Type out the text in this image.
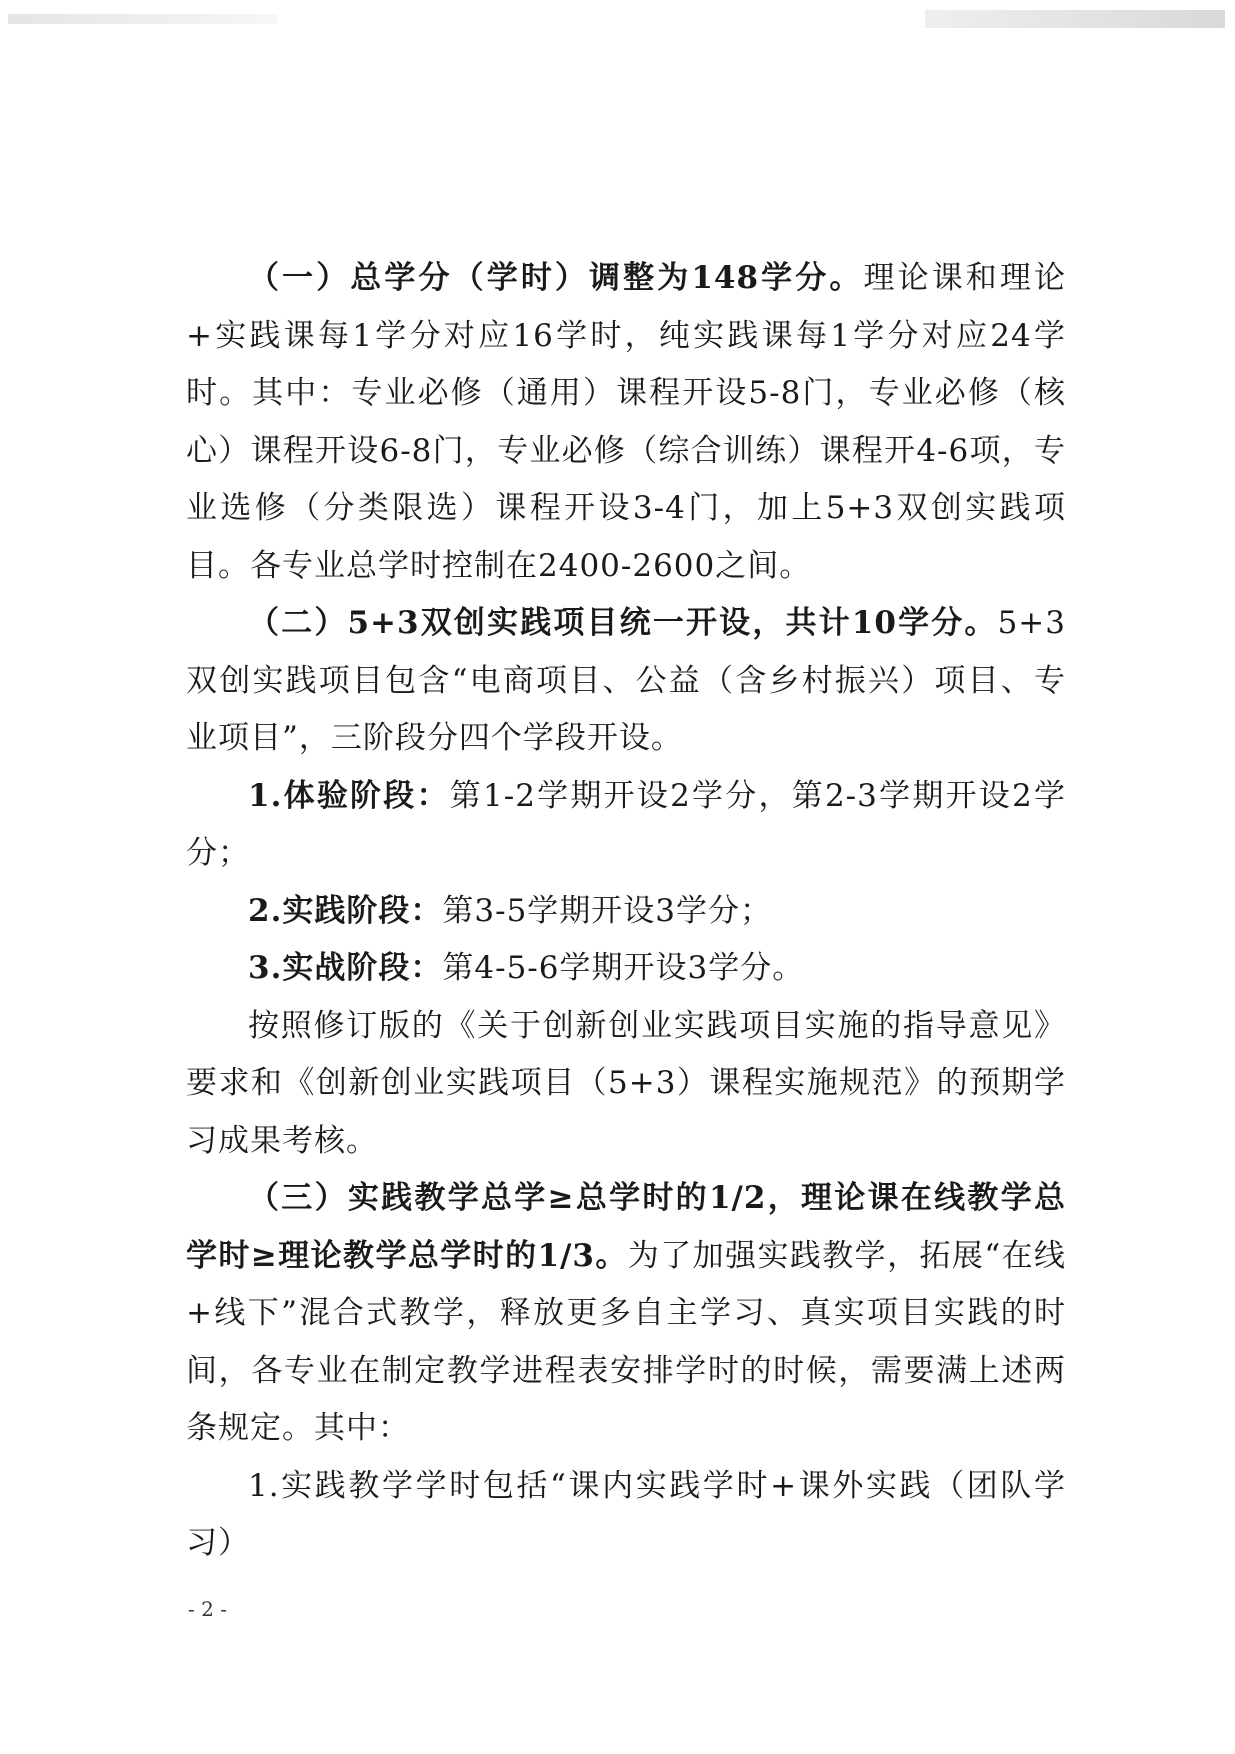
（一）总学分（学时）调整为148学分。理论课和理论+实践课每1学分对应16学时，纯实践课每1学分对应24学时。其中：专业必修（通用）课程开设5-8门，专业必修（核心）课程开设6-8门，专业必修（综合训练）课程开4-6项，专业选修（分类限选）课程开设3-4门，加上5+3双创实践项目。各专业总学时控制在2400-2600之间。

（二）5+3双创实践项目统一开设，共计10学分。5+3双创实践项目包含“电商项目、公益（含乡村振兴）项目、专业项目”，三阶段分四个学段开设。

1.体验阶段：第1-2学期开设2学分，第2-3学期开设2学分；

2.实践阶段：第3-5学期开设3学分；

3.实战阶段：第4-5-6学期开设3学分。

按照修订版的《关于创新创业实践项目实施的指导意见》要求和《创新创业实践项目（5+3）课程实施规范》的预期学习成果考核。

（三）实践教学总学≥总学时的1/2，理论课在线教学总学时≥理论教学总学时的1/3。为了加强实践教学，拓展“在线+线下”混合式教学，释放更多自主学习、真实项目实践的时间，各专业在制定教学进程表安排学时的时候，需要满上述两条规定。其中：

1.实践教学学时包括“课内实践学时+课外实践（团队学习）

- 2 -
